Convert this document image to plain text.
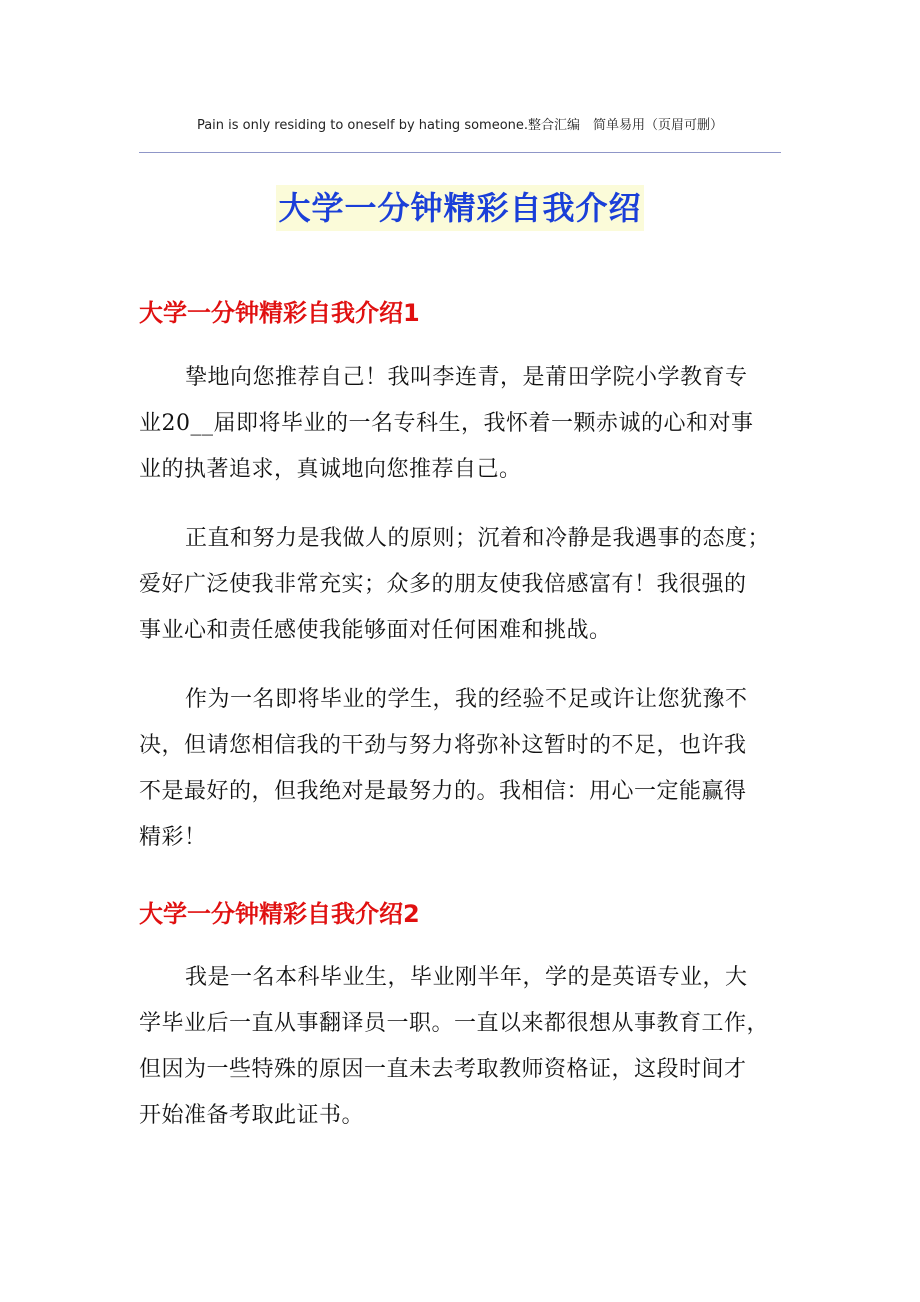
Pain is only residing to oneself by hating someone.整合汇编　简单易用（页眉可删）
大学一分钟精彩自我介绍
大学一分钟精彩自我介绍1
挚地向您推荐自己！我叫李连青，是莆田学院小学教育专
业20__届即将毕业的一名专科生，我怀着一颗赤诚的心和对事
业的执著追求，真诚地向您推荐自己。
正直和努力是我做人的原则；沉着和冷静是我遇事的态度；
爱好广泛使我非常充实；众多的朋友使我倍感富有！我很强的
事业心和责任感使我能够面对任何困难和挑战。
作为一名即将毕业的学生，我的经验不足或许让您犹豫不
决，但请您相信我的干劲与努力将弥补这暂时的不足，也许我
不是最好的，但我绝对是最努力的。我相信：用心一定能赢得
精彩！
大学一分钟精彩自我介绍2
我是一名本科毕业生，毕业刚半年，学的是英语专业，大
学毕业后一直从事翻译员一职。一直以来都很想从事教育工作，
但因为一些特殊的原因一直未去考取教师资格证，这段时间才
开始准备考取此证书。
